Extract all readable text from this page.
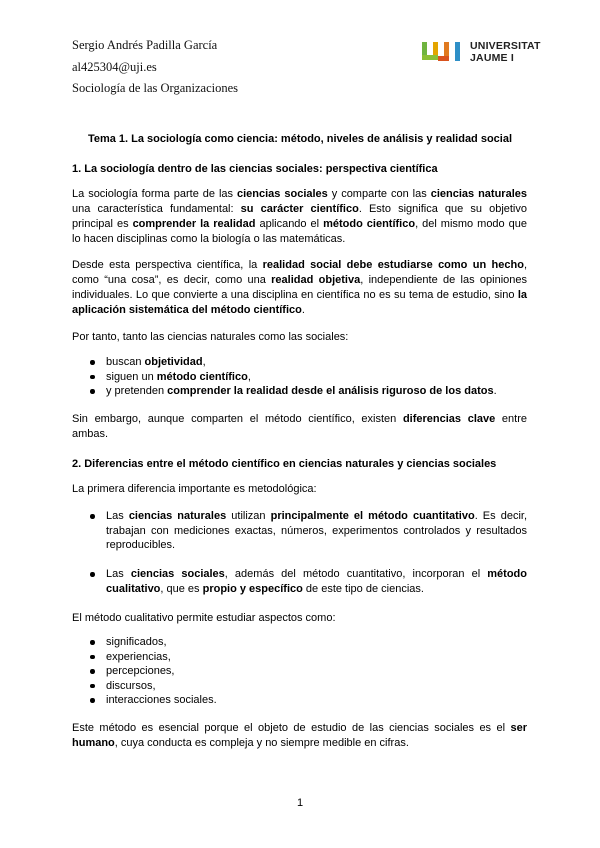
Sergio Andrés Padilla García
al425304@uji.es
Sociología de las Organizaciones
UNIVERSITAT
JAUME I
Tema 1. La sociología como ciencia: método, niveles de análisis y realidad social
1. La sociología dentro de las ciencias sociales: perspectiva científica

La sociología forma parte de las ciencias sociales y comparte con las ciencias naturales una característica fundamental: su carácter científico. Esto significa que su objetivo principal es comprender la realidad aplicando el método científico, del mismo modo que lo hacen disciplinas como la biología o las matemáticas.

Desde esta perspectiva científica, la realidad social debe estudiarse como un hecho, como “una cosa”, es decir, como una realidad objetiva, independiente de las opiniones individuales. Lo que convierte a una disciplina en científica no es su tema de estudio, sino la aplicación sistemática del método científico.

Por tanto, tanto las ciencias naturales como las sociales:

buscan objetividad,
siguen un método científico,
y pretenden comprender la realidad desde el análisis riguroso de los datos.

Sin embargo, aunque comparten el método científico, existen diferencias clave entre ambas.

2. Diferencias entre el método científico en ciencias naturales y ciencias sociales

La primera diferencia importante es metodológica:

Las ciencias naturales utilizan principalmente el método cuantitativo. Es decir, trabajan con mediciones exactas, números, experimentos controlados y resultados reproducibles.
Las ciencias sociales, además del método cuantitativo, incorporan el método cualitativo, que es propio y específico de este tipo de ciencias.

El método cualitativo permite estudiar aspectos como:

significados,
experiencias,
percepciones,
discursos,
interacciones sociales.

Este método es esencial porque el objeto de estudio de las ciencias sociales es el ser humano, cuya conducta es compleja y no siempre medible en cifras.

1
